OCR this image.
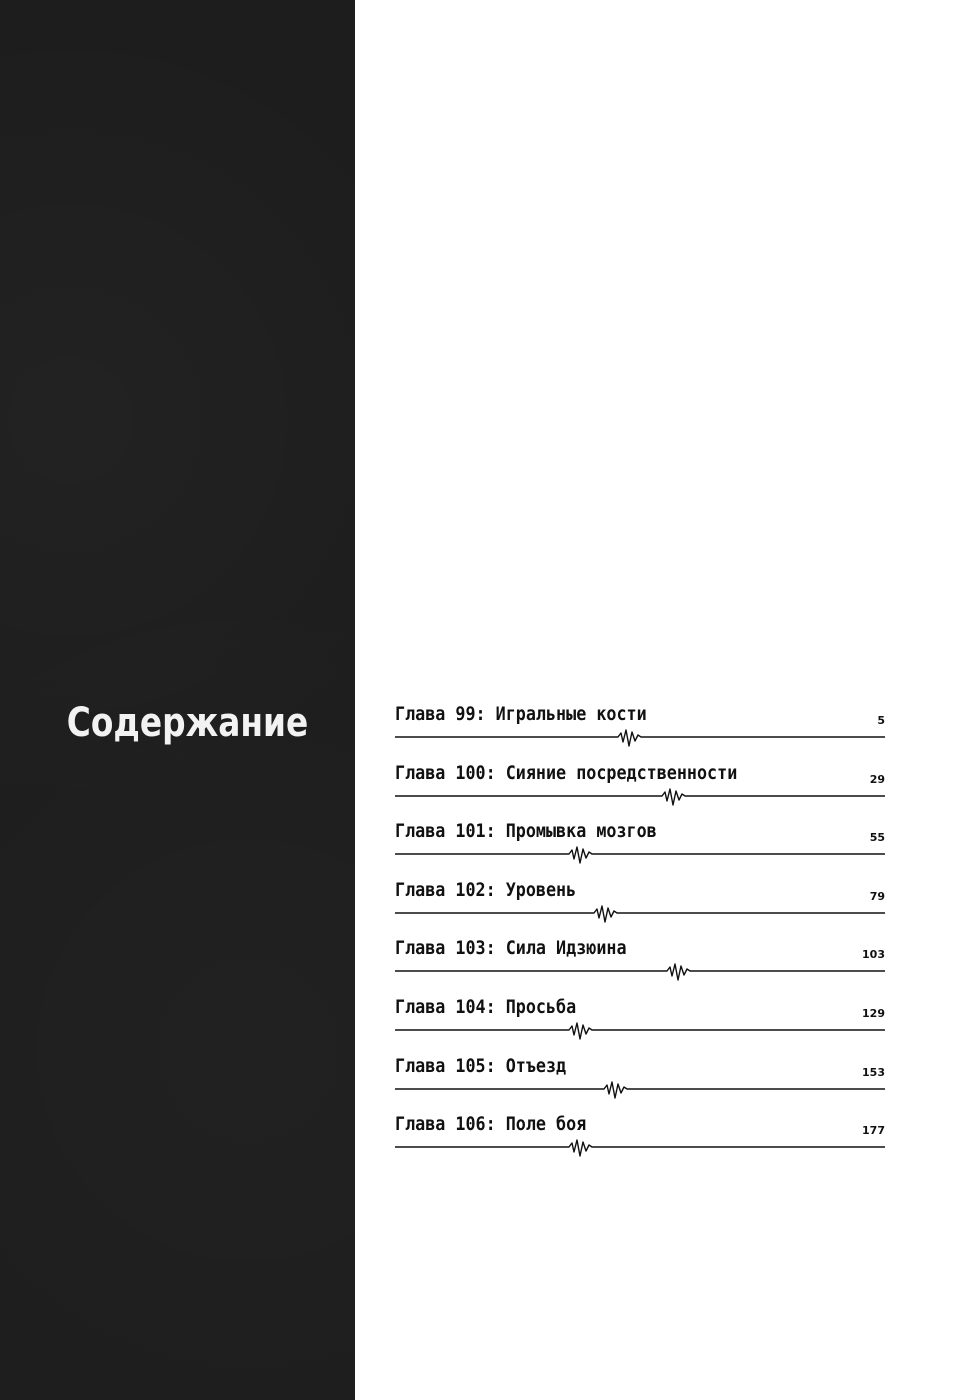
Содержание	Глава 99: Игральные кости	5
Глава 100: Сияние посредственности	29
Глава 101: Промывка мозгов	55
Глава 102: Уровень	79
Глава 103: Сила Идзюина	103
Глава 104: Просьба	129
Глава 105: Отъезд	153
Глава 106: Поле боя	177
